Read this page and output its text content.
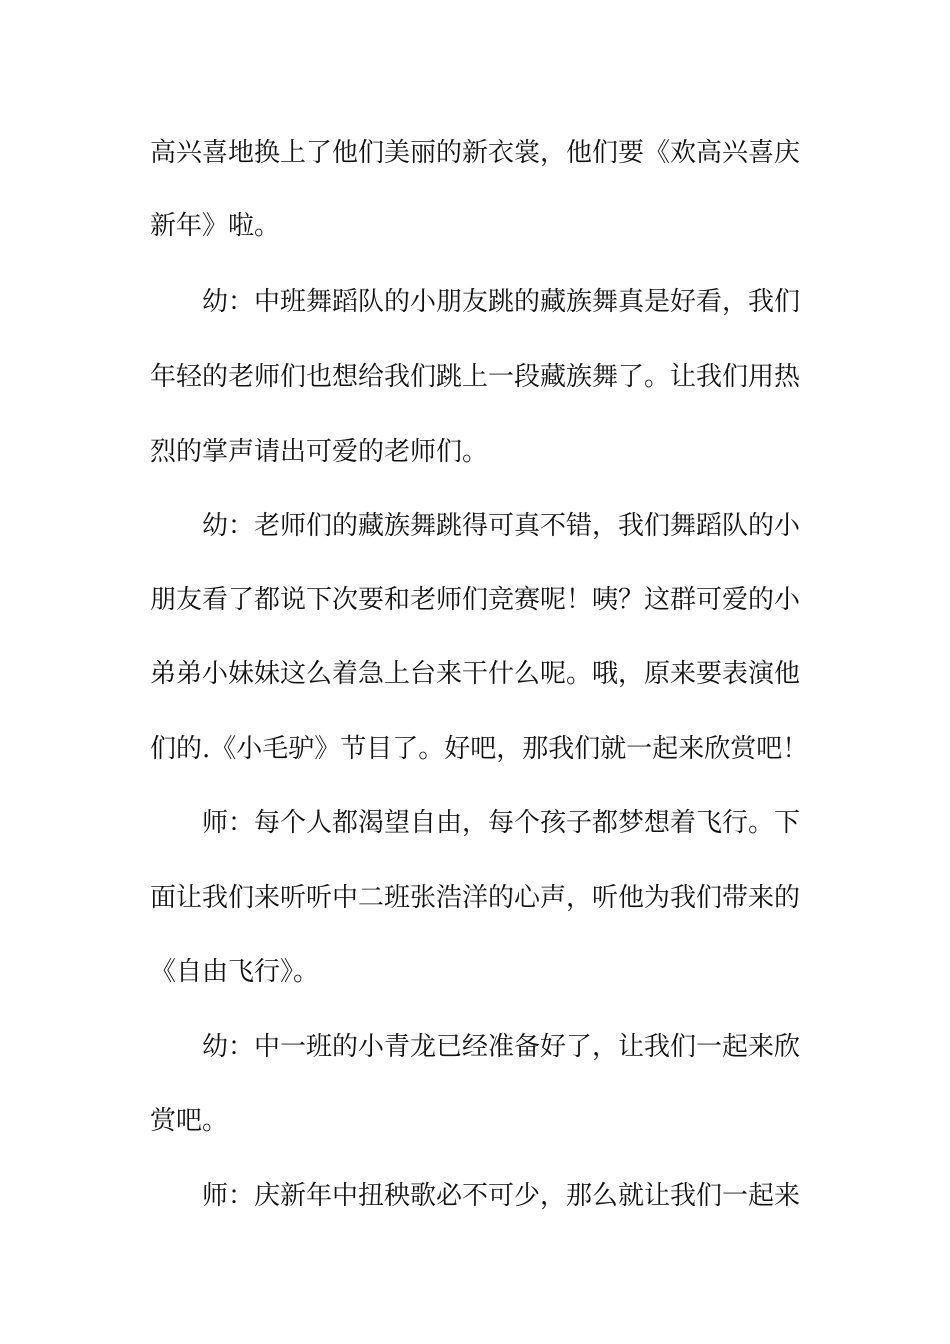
高兴喜地换上了他们美丽的新衣裳，他们要《欢高兴喜庆
新年》啦。
幼：中班舞蹈队的小朋友跳的藏族舞真是好看，我们
年轻的老师们也想给我们跳上一段藏族舞了。让我们用热
烈的掌声请出可爱的老师们。
幼：老师们的藏族舞跳得可真不错，我们舞蹈队的小
朋友看了都说下次要和老师们竞赛呢！咦？这群可爱的小
弟弟小妹妹这么着急上台来干什么呢。哦，原来要表演他
们的.《小毛驴》节目了。好吧，那我们就一起来欣赏吧！
师：每个人都渴望自由，每个孩子都梦想着飞行。下
面让我们来听听中二班张浩洋的心声，听他为我们带来的
《自由飞行》。
幼：中一班的小青龙已经准备好了，让我们一起来欣
赏吧。
师：庆新年中扭秧歌必不可少，那么就让我们一起来
